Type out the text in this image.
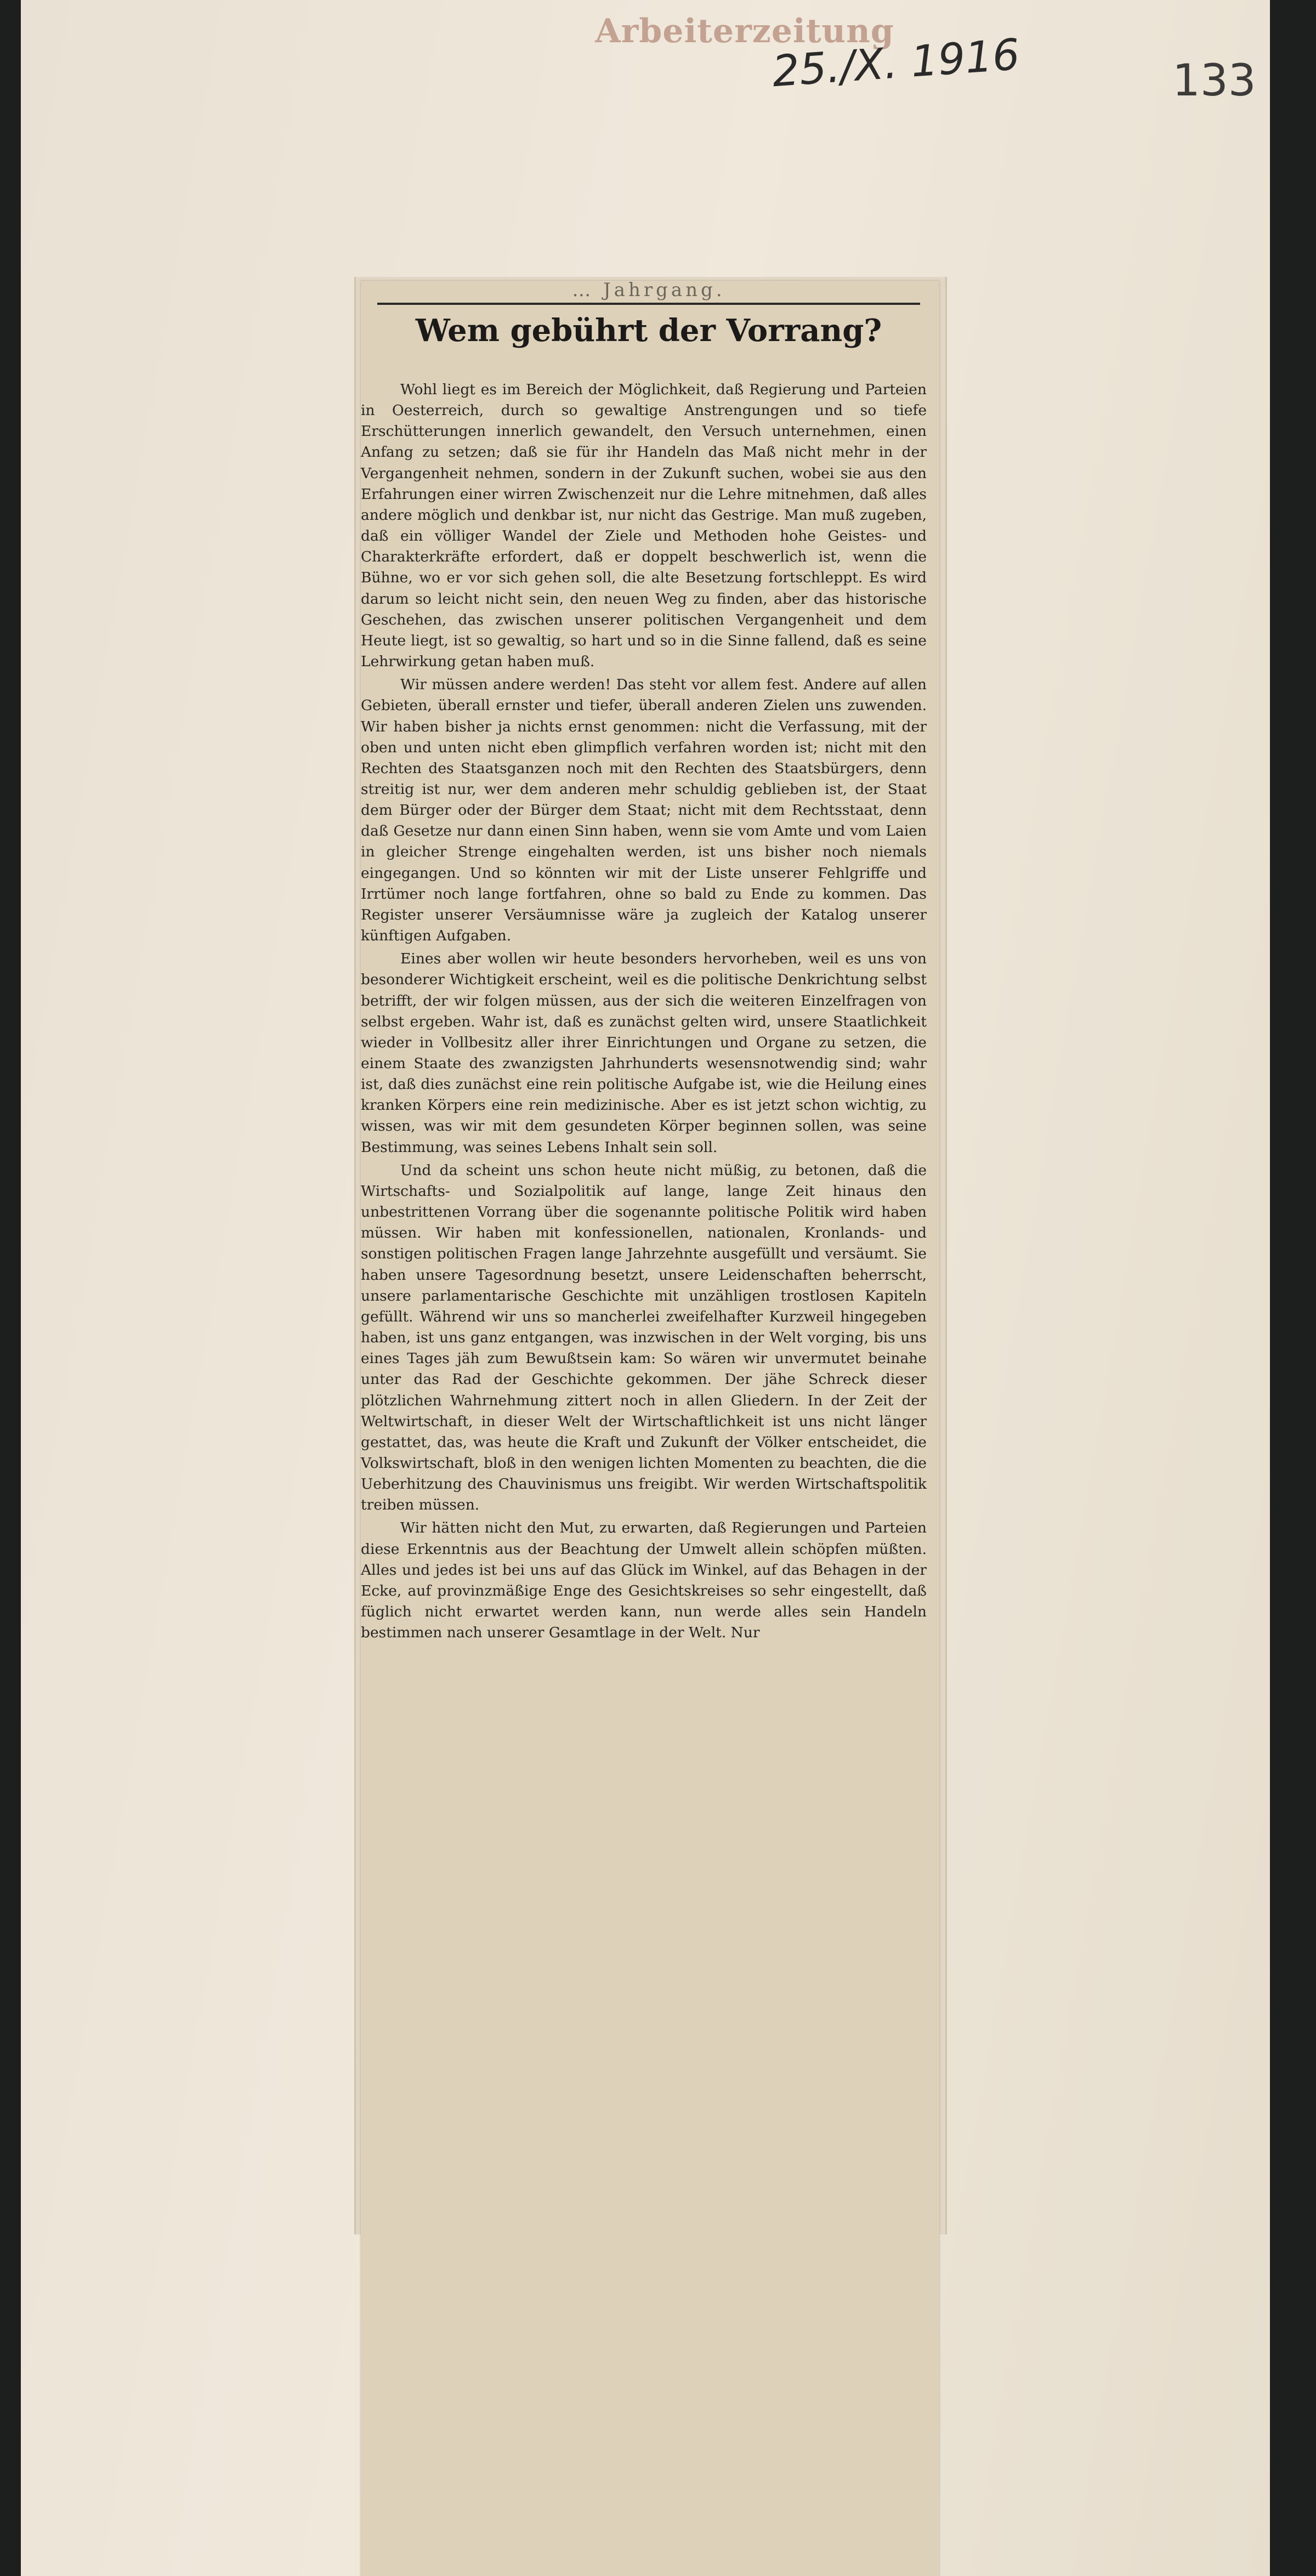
Arbeiterzeitung
25./X. 1916	133
… Jahrgang.
Wem gebührt der Vorrang?

Wohl liegt es im Bereich der Möglichkeit, daß Regierung und Parteien in Oesterreich, durch so gewaltige Anstrengungen und so tiefe Erschütterungen innerlich gewandelt, den Versuch unternehmen, einen Anfang zu setzen; daß sie für ihr Handeln das Maß nicht mehr in der Vergangenheit nehmen, sondern in der Zukunft suchen, wobei sie aus den Erfahrungen einer wirren Zwischenzeit nur die Lehre mitnehmen, daß alles andere möglich und denkbar ist, nur nicht das Gestrige. Man muß zugeben, daß ein völliger Wandel der Ziele und Methoden hohe Geistes- und Charakterkräfte erfordert, daß er doppelt beschwerlich ist, wenn die Bühne, wo er vor sich gehen soll, die alte Besetzung fortschleppt. Es wird darum so leicht nicht sein, den neuen Weg zu finden, aber das historische Geschehen, das zwischen unserer politischen Vergangenheit und dem Heute liegt, ist so gewaltig, so hart und so in die Sinne fallend, daß es seine Lehrwirkung getan haben muß.

Wir müssen andere werden! Das steht vor allem fest. Andere auf allen Gebieten, überall ernster und tiefer, überall anderen Zielen uns zuwenden. Wir haben bisher ja nichts ernst genommen: nicht die Verfassung, mit der oben und unten nicht eben glimpflich verfahren worden ist; nicht mit den Rechten des Staatsganzen noch mit den Rechten des Staatsbürgers, denn streitig ist nur, wer dem anderen mehr schuldig geblieben ist, der Staat dem Bürger oder der Bürger dem Staat; nicht mit dem Rechtsstaat, denn daß Gesetze nur dann einen Sinn haben, wenn sie vom Amte und vom Laien in gleicher Strenge eingehalten werden, ist uns bisher noch niemals eingegangen. Und so könnten wir mit der Liste unserer Fehlgriffe und Irrtümer noch lange fortfahren, ohne so bald zu Ende zu kommen. Das Register unserer Versäumnisse wäre ja zugleich der Katalog unserer künftigen Aufgaben.

Eines aber wollen wir heute besonders hervorheben, weil es uns von besonderer Wichtigkeit erscheint, weil es die politische Denkrichtung selbst betrifft, der wir folgen müssen, aus der sich die weiteren Einzelfragen von selbst ergeben. Wahr ist, daß es zunächst gelten wird, unsere Staatlichkeit wieder in Vollbesitz aller ihrer Einrichtungen und Organe zu setzen, die einem Staate des zwanzigsten Jahrhunderts wesensnotwendig sind; wahr ist, daß dies zunächst eine rein politische Aufgabe ist, wie die Heilung eines kranken Körpers eine rein medizinische. Aber es ist jetzt schon wichtig, zu wissen, was wir mit dem gesundeten Körper beginnen sollen, was seine Bestimmung, was seines Lebens Inhalt sein soll.

Und da scheint uns schon heute nicht müßig, zu betonen, daß die Wirtschafts- und Sozialpolitik auf lange, lange Zeit hinaus den unbestrittenen Vorrang über die sogenannte politische Politik wird haben müssen. Wir haben mit konfessionellen, nationalen, Kronlands- und sonstigen politischen Fragen lange Jahrzehnte ausgefüllt und versäumt. Sie haben unsere Tagesordnung besetzt, unsere Leidenschaften beherrscht, unsere parlamentarische Geschichte mit unzähligen trostlosen Kapiteln gefüllt. Während wir uns so mancherlei zweifelhafter Kurzweil hingegeben haben, ist uns ganz entgangen, was inzwischen in der Welt vorging, bis uns eines Tages jäh zum Bewußtsein kam: So wären wir unvermutet beinahe unter das Rad der Geschichte gekommen. Der jähe Schreck dieser plötzlichen Wahrnehmung zittert noch in allen Gliedern. In der Zeit der Weltwirtschaft, in dieser Welt der Wirtschaftlichkeit ist uns nicht länger gestattet, das, was heute die Kraft und Zukunft der Völker entscheidet, die Volkswirtschaft, bloß in den wenigen lichten Momenten zu beachten, die die Ueberhitzung des Chauvinismus uns freigibt. Wir werden Wirtschaftspolitik treiben müssen.

Wir hätten nicht den Mut, zu erwarten, daß Regierungen und Parteien diese Erkenntnis aus der Beachtung der Umwelt allein schöpfen müßten. Alles und jedes ist bei uns auf das Glück im Winkel, auf das Behagen in der Ecke, auf provinzmäßige Enge des Gesichtskreises so sehr eingestellt, daß füglich nicht erwartet werden kann, nun werde alles sein Handeln bestimmen nach unserer Gesamtlage in der Welt. Nur
